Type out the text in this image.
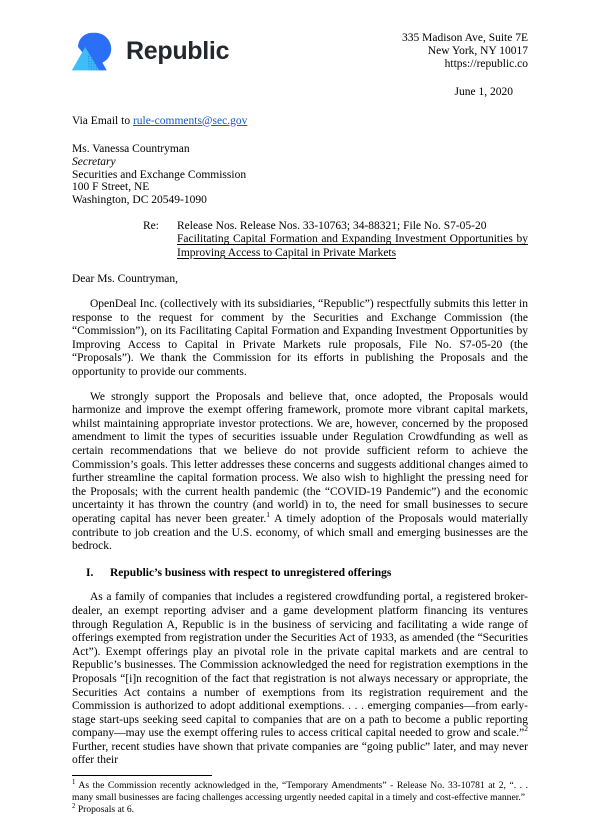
Republic	335 Madison Ave, Suite 7E
New York, NY 10017
https://republic.co
June 1, 2020
Via Email to rule-comments@sec.gov
Ms. Vanessa Countryman
Secretary
Securities and Exchange Commission
100 F Street, NE
Washington, DC 20549-1090
Re:	Release Nos. Release Nos. 33-10763; 34-88321; File No. S7-05-20
Facilitating Capital Formation and Expanding Investment Opportunities by Improving Access to Capital in Private Markets
Dear Ms. Countryman,

OpenDeal Inc. (collectively with its subsidiaries, “Republic”) respectfully submits this letter in response to the request for comment by the Securities and Exchange Commission (the “Commission”), on its Facilitating Capital Formation and Expanding Investment Opportunities by Improving Access to Capital in Private Markets rule proposals, File No. S7-05-20 (the “Proposals”). We thank the Commission for its efforts in publishing the Proposals and the opportunity to provide our comments.

We strongly support the Proposals and believe that, once adopted, the Proposals would harmonize and improve the exempt offering framework, promote more vibrant capital markets, whilst maintaining appropriate investor protections. We are, however, concerned by the proposed amendment to limit the types of securities issuable under Regulation Crowdfunding as well as certain recommendations that we believe do not provide sufficient reform to achieve the Commission’s goals. This letter addresses these concerns and suggests additional changes aimed to further streamline the capital formation process. We also wish to highlight the pressing need for the Proposals; with the current health pandemic (the “COVID-19 Pandemic”) and the economic uncertainty it has thrown the country (and world) in to, the need for small businesses to secure operating capital has never been greater.$^1$ A timely adoption of the Proposals would materially contribute to job creation and the U.S. economy, of which small and emerging businesses are the bedrock.

I.	Republic’s business with respect to unregistered offerings

As a family of companies that includes a registered crowdfunding portal, a registered broker-dealer, an exempt reporting adviser and a game development platform financing its ventures through Regulation A, Republic is in the business of servicing and facilitating a wide range of offerings exempted from registration under the Securities Act of 1933, as amended (the “Securities Act”). Exempt offerings play an pivotal role in the private capital markets and are central to Republic’s businesses. The Commission acknowledged the need for registration exemptions in the Proposals “[i]n recognition of the fact that registration is not always necessary or appropriate, the Securities Act contains a number of exemptions from its registration requirement and the Commission is authorized to adopt additional exemptions. . . . emerging companies—from early-stage start-ups seeking seed capital to companies that are on a path to become a public reporting company—may use the exempt offering rules to access critical capital needed to grow and scale.”$^2$ Further, recent studies have shown that private companies are “going public” later, and may never offer their

$^1$ As the Commission recently acknowledged in the, “Temporary Amendments” - Release No. 33-10781 at 2, “. . . many small businesses are facing challenges accessing urgently needed capital in a timely and cost-effective manner.”

$^2$ Proposals at 6.
